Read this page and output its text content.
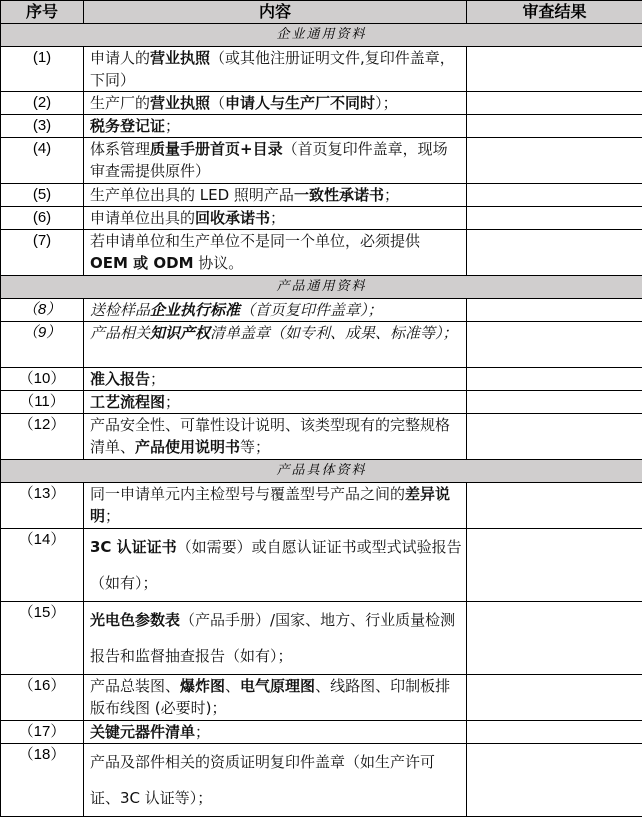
序号	内容	审查结果
企业通用资料		
(1)	申请人的营业执照（或其他注册证明文件,复印件盖章，下同）	
(2)	生产厂的营业执照（申请人与生产厂不同时）；	
(3)	税务登记证；	
(4)	体系管理质量手册首页+目录（首页复印件盖章，现场审查需提供原件）	
(5)	生产单位出具的 LED 照明产品一致性承诺书；	
(6)	申请单位出具的回收承诺书；	
(7)	若申请单位和生产单位不是同一个单位，必须提供 OEM 或 ODM 协议。	
产品通用资料		
（8）	送检样品企业执行标准（首页复印件盖章）；	
（9）	产品相关知识产权清单盖章（如专利、成果、标准等）；	
（10）	准入报告；	
（11）	工艺流程图；	
（12）	产品安全性、可靠性设计说明、该类型现有的完整规格清单、产品使用说明书等；	
产品具体资料		
（13）	同一申请单元内主检型号与覆盖型号产品之间的差异说明；	
（14）	3C 认证证书（如需要）或自愿认证证书或型式试验报告（如有）；	
（15）	光电色参数表（产品手册）/国家、地方、行业质量检测报告和监督抽查报告（如有）；	
（16）	产品总装图、爆炸图、电气原理图、线路图、印制板排版布线图 (必要时)；	
（17）	关键元器件清单；	
（18）	产品及部件相关的资质证明复印件盖章（如生产许可证、3C 认证等）；	
